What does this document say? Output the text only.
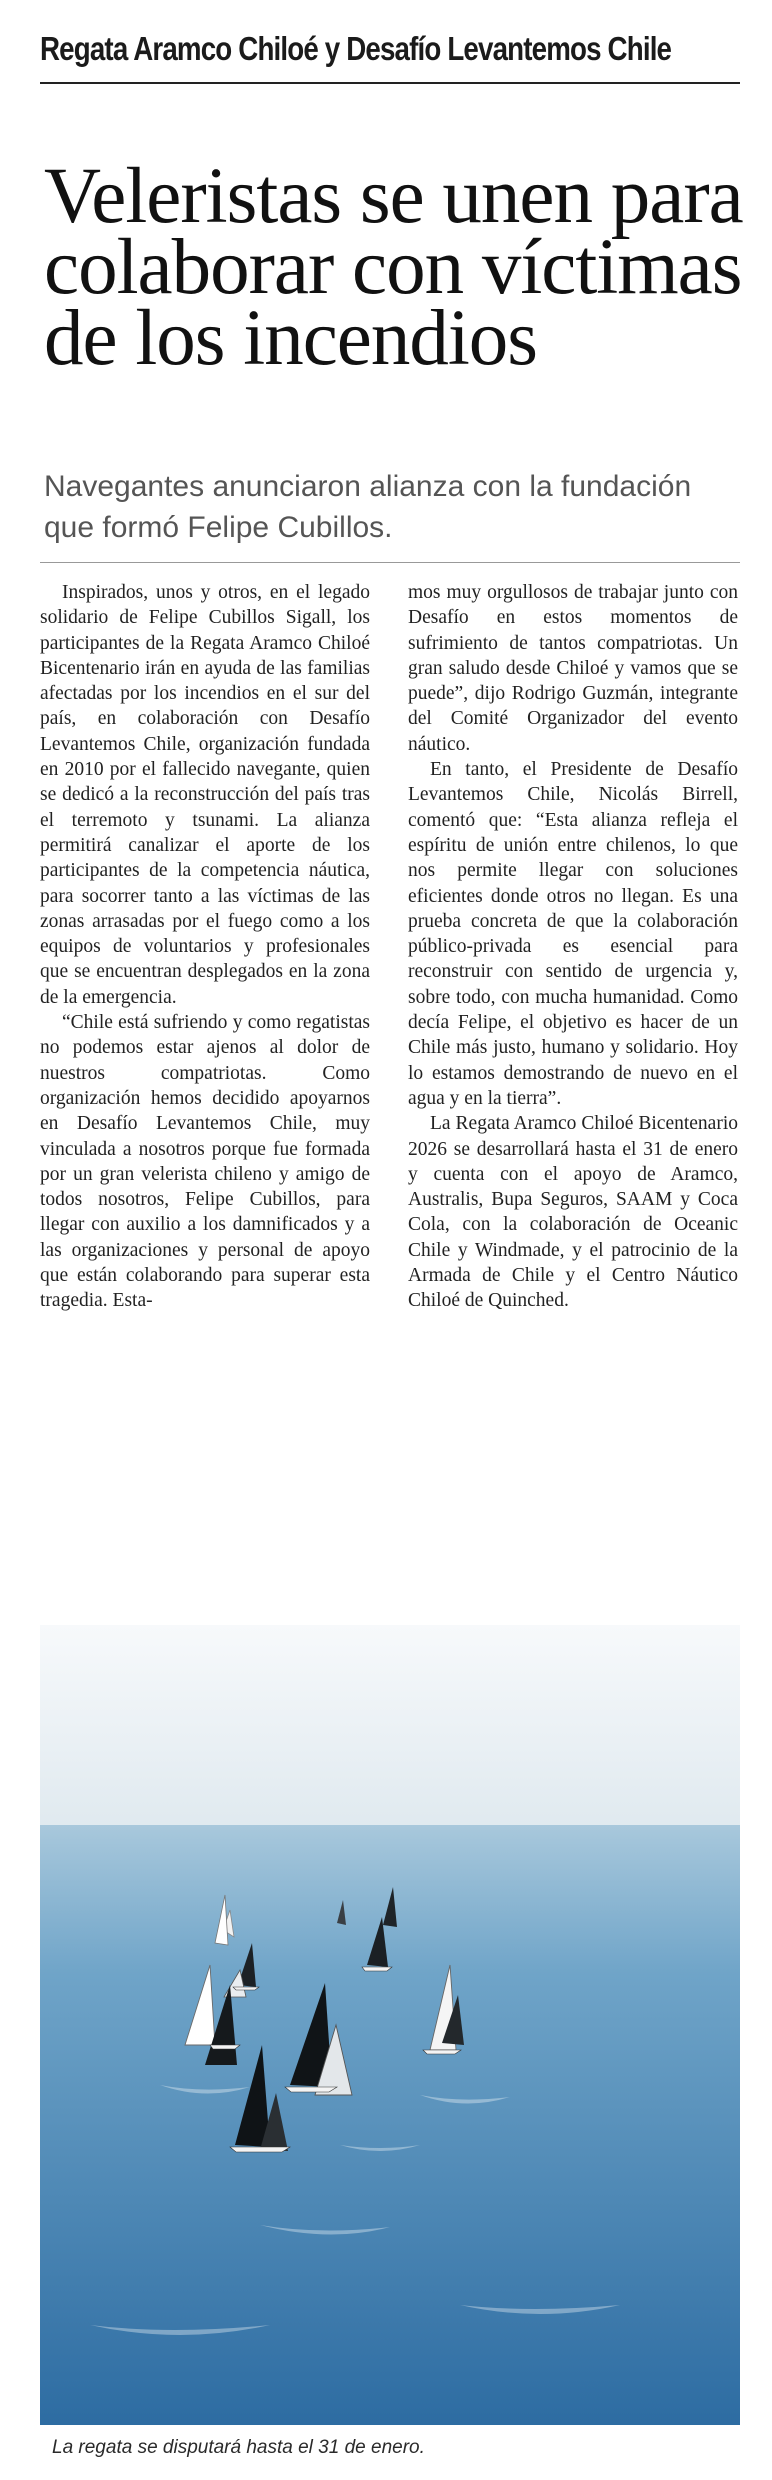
Regata Aramco Chiloé y Desafío Levantemos Chile
Veleristas se unen para colaborar con víctimas de los incendios
Navegantes anunciaron alianza con la fundación que formó Felipe Cubillos.

Inspirados, unos y otros, en el legado solidario de Felipe Cubillos Sigall, los participantes de la Regata Aramco Chiloé Bicentenario irán en ayuda de las familias afectadas por los incendios en el sur del país, en colaboración con Desafío Levantemos Chile, organización fundada en 2010 por el fallecido navegante, quien se dedicó a la reconstrucción del país tras el terremoto y tsunami. La alianza permitirá canalizar el aporte de los participantes de la competencia náutica, para socorrer tanto a las víctimas de las zonas arrasadas por el fuego como a los equipos de voluntarios y profesionales que se encuentran desplegados en la zona de la emergencia.

“Chile está sufriendo y como regatistas no podemos estar ajenos al dolor de nuestros compatriotas. Como organización hemos decidido apoyarnos en Desafío Levantemos Chile, muy vinculada a nosotros porque fue formada por un gran velerista chileno y amigo de todos nosotros, Felipe Cubillos, para llegar con auxilio a los damnificados y a las organizaciones y personal de apoyo que están colaborando para superar esta tragedia. Esta-

mos muy orgullosos de trabajar junto con Desafío en estos momentos de sufrimiento de tantos compatriotas. Un gran saludo desde Chiloé y vamos que se puede”, dijo Rodrigo Guzmán, integrante del Comité Organizador del evento náutico.

En tanto, el Presidente de Desafío Levantemos Chile, Nicolás Birrell, comentó que: “Esta alianza refleja el espíritu de unión entre chilenos, lo que nos permite llegar con soluciones eficientes donde otros no llegan. Es una prueba concreta de que la colaboración público-privada es esencial para reconstruir con sentido de urgencia y, sobre todo, con mucha humanidad. Como decía Felipe, el objetivo es hacer de un Chile más justo, humano y solidario. Hoy lo estamos demostrando de nuevo en el agua y en la tierra”.

La Regata Aramco Chiloé Bicentenario 2026 se desarrollará hasta el 31 de enero y cuenta con el apoyo de Aramco, Australis, Bupa Seguros, SAAM y Coca Cola, con la colaboración de Oceanic Chile y Windmade, y el patrocinio de la Armada de Chile y el Centro Náutico Chiloé de Quinched.

La regata se disputará hasta el 31 de enero.
